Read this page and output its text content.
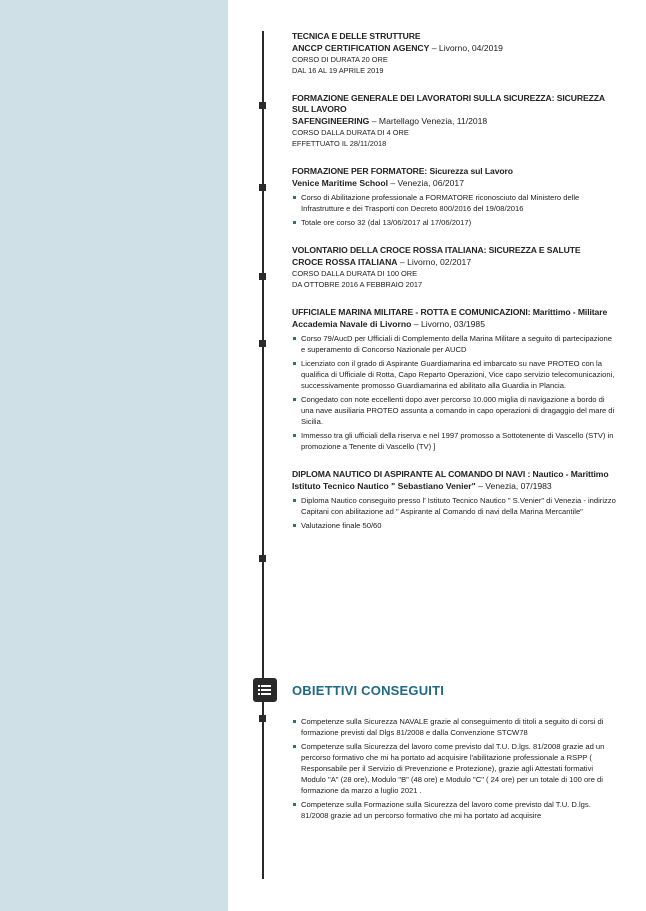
TECNICA E DELLE STRUTTURE
ANCCP CERTIFICATION AGENCY – Livorno, 04/2019
CORSO DI DURATA 20 ORE
DAL 16 AL 19 APRILE 2019
FORMAZIONE GENERALE DEI LAVORATORI SULLA SICUREZZA: SICUREZZA SUL LAVORO
SAFENGINEERING – Martellago Venezia, 11/2018
CORSO DALLA DURATA DI 4 ORE
EFFETTUATO IL 28/11/2018
FORMAZIONE PER FORMATORE: Sicurezza sul Lavoro
Venice Maritime School – Venezia, 06/2017
Corso di Abilitazione professionale a FORMATORE riconosciuto dal Ministero delle Infrastrutture e dei Trasporti con Decreto 800/2016 del 19/08/2016
Totale ore corso 32 (dal 13/06/2017 al 17/06/2017)
VOLONTARIO DELLA CROCE ROSSA ITALIANA: SICUREZZA E SALUTE
CROCE ROSSA ITALIANA – Livorno, 02/2017
CORSO DALLA DURATA DI 100 ORE
DA OTTOBRE 2016 A FEBBRAIO 2017
UFFICIALE MARINA MILITARE - ROTTA E COMUNICAZIONI: Marittimo - Militare
Accademia Navale di Livorno – Livorno, 03/1985
Corso 79/AucD per Ufficiali di Complemento della Marina Militare a seguito di partecipazione e superamento di Concorso Nazionale per AUCD
Licenziato con il grado di Aspirante Guardiamarina ed imbarcato su nave PROTEO con la qualifica di Ufficiale di Rotta, Capo Reparto Operazioni, Vice capo servizio telecomunicazioni, successivamente promosso Guardiamarina ed abilitato alla Guardia in Plancia.
Congedato con note eccellenti dopo aver percorso 10.000 miglia di navigazione a bordo di una nave ausiliaria PROTEO assunta a comando in capo operazioni di dragaggio del mare di Sicilia.
Immesso tra gli ufficiali della riserva e nel 1997 promosso a Sottotenente di Vascello (STV) in promozione a Tenente di Vascello (TV) ]
DIPLOMA NAUTICO DI ASPIRANTE AL COMANDO DI NAVI : Nautico - Marittimo
Istituto Tecnico Nautico " Sebastiano Venier" – Venezia, 07/1983
Diploma Nautico conseguito presso l' Istituto Tecnico Nautico " S.Venier" di Venezia - indirizzo Capitani con abilitazione ad " Aspirante al Comando di navi della Marina Mercantile"
Valutazione finale 50/60
OBIETTIVI CONSEGUITI
Competenze sulla Sicurezza NAVALE grazie al conseguimento di titoli a seguito di corsi di formazione previsti dal Dlgs 81/2008 e dalla Convenzione STCW78
Competenze sulla Sicurezza del lavoro come previsto dal T.U. D.lgs. 81/2008 grazie ad un percorso formativo che mi ha portato ad acquisire l'abilitazione professionale a RSPP ( Responsabile per il Servizio di Prevenzione e Protezione), grazie agli Attestati formativi Modulo "A" (28 ore), Modulo "B" (48 ore) e Modulo "C" ( 24 ore) per un totale di 100 ore di formazione da marzo a luglio 2021 .
Competenze sulla Formazione sulla Sicurezza del lavoro come previsto dal T.U. D.lgs. 81/2008 grazie ad un percorso formativo che mi ha portato ad acquisire
